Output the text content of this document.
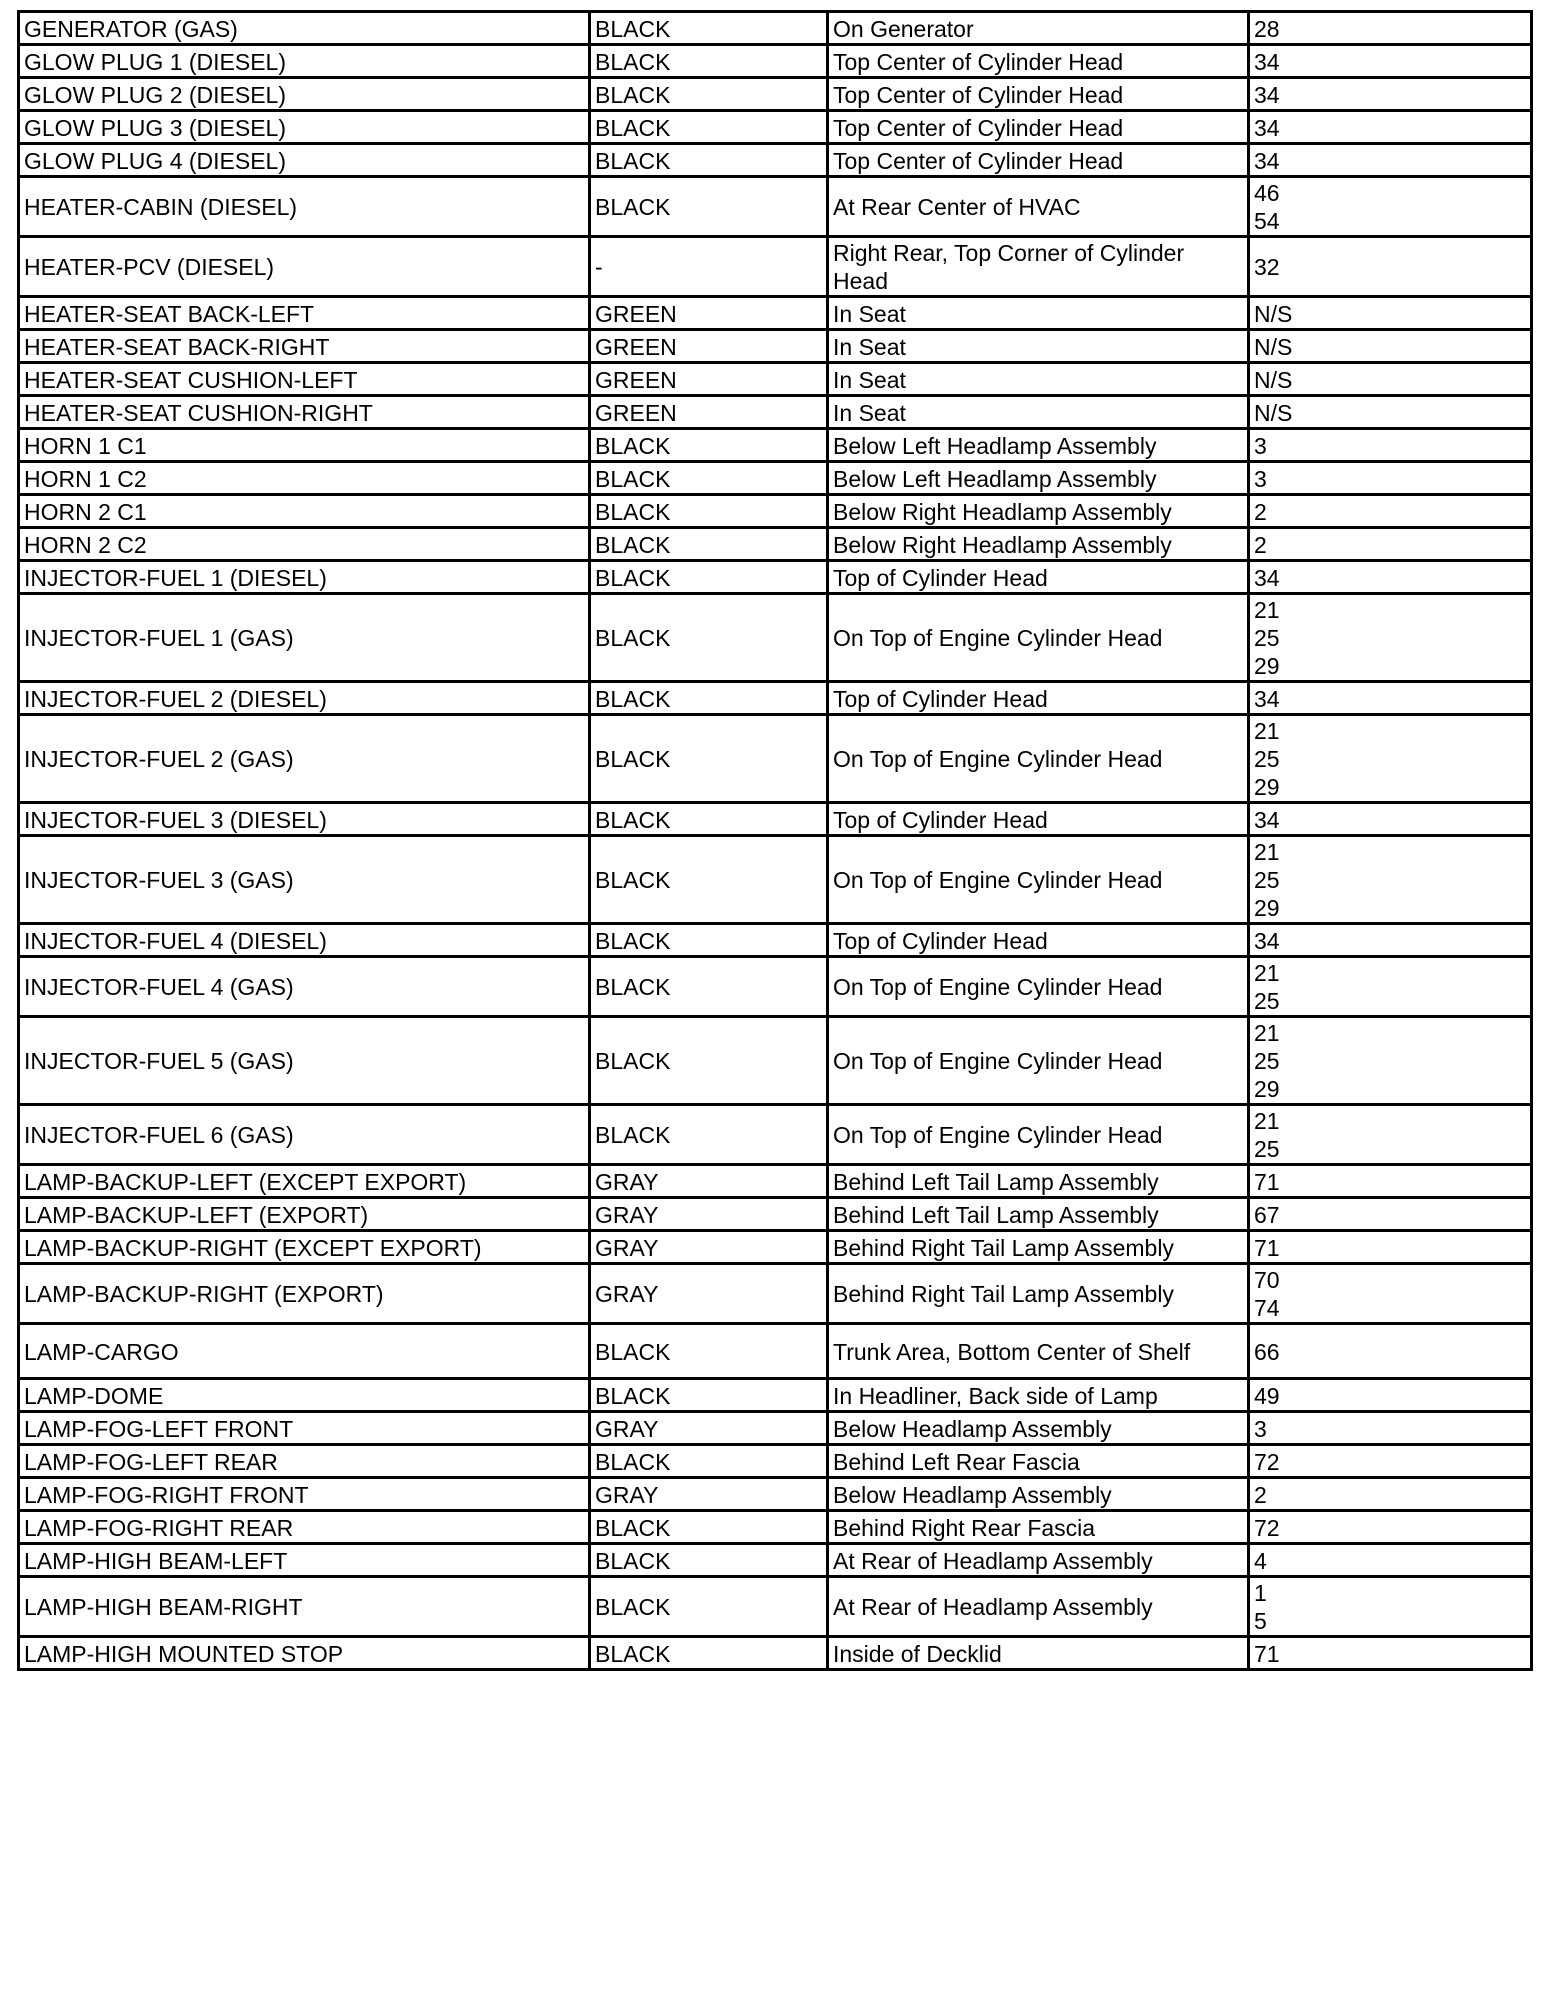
GENERATOR (GAS)	BLACK	On Generator	28

GLOW PLUG 1 (DIESEL)	BLACK	Top Center of Cylinder Head	34

GLOW PLUG 2 (DIESEL)	BLACK	Top Center of Cylinder Head	34

GLOW PLUG 3 (DIESEL)	BLACK	Top Center of Cylinder Head	34

GLOW PLUG 4 (DIESEL)	BLACK	Top Center of Cylinder Head	34

HEATER-CABIN (DIESEL)	BLACK	At Rear Center of HVAC	46
54

HEATER-PCV (DIESEL)	-	Right Rear, Top Corner of Cylinder Head	32

HEATER-SEAT BACK-LEFT	GREEN	In Seat	N/S

HEATER-SEAT BACK-RIGHT	GREEN	In Seat	N/S

HEATER-SEAT CUSHION-LEFT	GREEN	In Seat	N/S

HEATER-SEAT CUSHION-RIGHT	GREEN	In Seat	N/S

HORN 1 C1	BLACK	Below Left Headlamp Assembly	3

HORN 1 C2	BLACK	Below Left Headlamp Assembly	3

HORN 2 C1	BLACK	Below Right Headlamp Assembly	2

HORN 2 C2	BLACK	Below Right Headlamp Assembly	2

INJECTOR-FUEL 1 (DIESEL)	BLACK	Top of Cylinder Head	34

INJECTOR-FUEL 1 (GAS)	BLACK	On Top of Engine Cylinder Head	21
25
29

INJECTOR-FUEL 2 (DIESEL)	BLACK	Top of Cylinder Head	34

INJECTOR-FUEL 2 (GAS)	BLACK	On Top of Engine Cylinder Head	21
25
29

INJECTOR-FUEL 3 (DIESEL)	BLACK	Top of Cylinder Head	34

INJECTOR-FUEL 3 (GAS)	BLACK	On Top of Engine Cylinder Head	21
25
29

INJECTOR-FUEL 4 (DIESEL)	BLACK	Top of Cylinder Head	34

INJECTOR-FUEL 4 (GAS)	BLACK	On Top of Engine Cylinder Head	21
25

INJECTOR-FUEL 5 (GAS)	BLACK	On Top of Engine Cylinder Head	21
25
29

INJECTOR-FUEL 6 (GAS)	BLACK	On Top of Engine Cylinder Head	21
25

LAMP-BACKUP-LEFT (EXCEPT EXPORT)	GRAY	Behind Left Tail Lamp Assembly	71

LAMP-BACKUP-LEFT (EXPORT)	GRAY	Behind Left Tail Lamp Assembly	67

LAMP-BACKUP-RIGHT (EXCEPT EXPORT)	GRAY	Behind Right Tail Lamp Assembly	71

LAMP-BACKUP-RIGHT (EXPORT)	GRAY	Behind Right Tail Lamp Assembly	70
74

LAMP-CARGO	BLACK	Trunk Area, Bottom Center of Shelf	66

LAMP-DOME	BLACK	In Headliner, Back side of Lamp	49

LAMP-FOG-LEFT FRONT	GRAY	Below Headlamp Assembly	3

LAMP-FOG-LEFT REAR	BLACK	Behind Left Rear Fascia	72

LAMP-FOG-RIGHT FRONT	GRAY	Below Headlamp Assembly	2

LAMP-FOG-RIGHT REAR	BLACK	Behind Right Rear Fascia	72

LAMP-HIGH BEAM-LEFT	BLACK	At Rear of Headlamp Assembly	4

LAMP-HIGH BEAM-RIGHT	BLACK	At Rear of Headlamp Assembly	1
5

LAMP-HIGH MOUNTED STOP	BLACK	Inside of Decklid	71
